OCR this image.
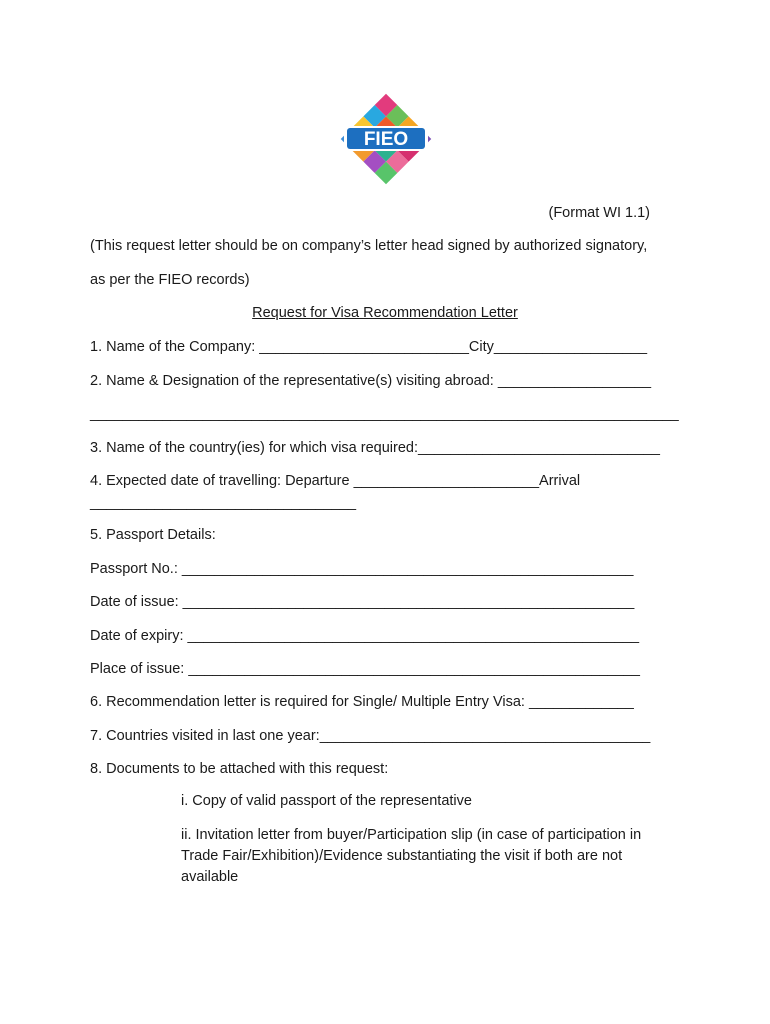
FIEO
(Format WI 1.1)
(This request letter should be on company’s letter head signed by authorized signatory,
as per the FIEO records)
Request for Visa Recommendation Letter
1. Name of the Company: __________________________City___________________
2. Name & Designation of the representative(s) visiting abroad: ___________________
_________________________________________________________________________
3. Name of the country(ies) for which visa required:______________________________
4. Expected date of travelling: Departure _______________________Arrival
_________________________________
5. Passport Details:
Passport No.: ________________________________________________________
Date of issue: ________________________________________________________
Date of expiry: ________________________________________________________
Place of issue: ________________________________________________________
6. Recommendation letter is required for Single/ Multiple Entry Visa: _____________
7. Countries visited in last one year:_________________________________________
8. Documents to be attached with this request:
i. Copy of valid passport of the representative
ii. Invitation letter from buyer/Participation slip (in case of participation in Trade Fair/Exhibition)/Evidence substantiating the visit if both are not available
